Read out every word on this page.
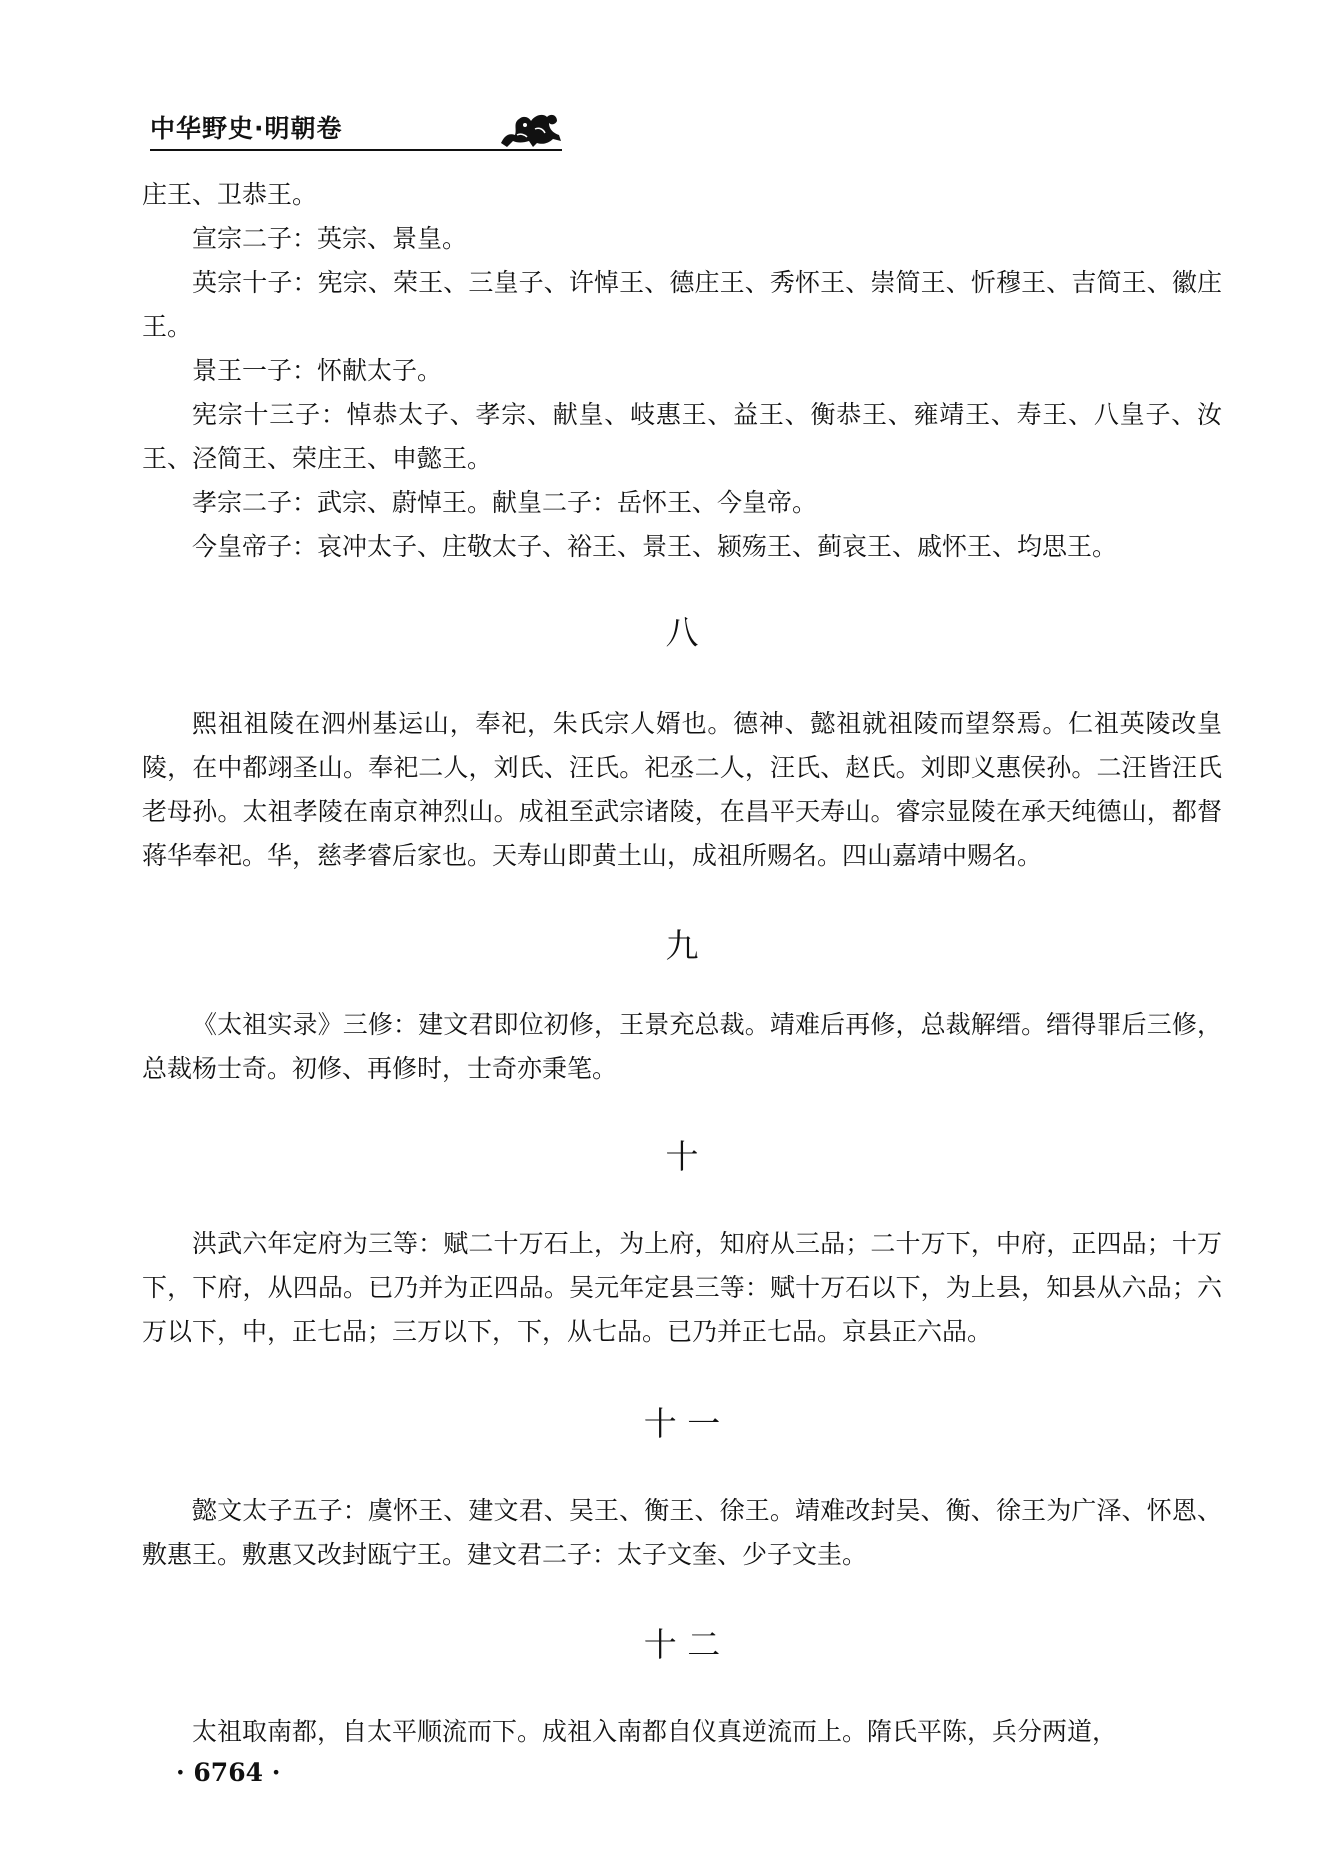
中华野史·明朝卷

庄王、卫恭王。

宣宗二子：英宗、景皇。

英宗十子：宪宗、荣王、三皇子、许悼王、德庄王、秀怀王、崇简王、忻穆王、吉简王、徽庄王。

景王一子：怀献太子。

宪宗十三子：悼恭太子、孝宗、献皇、岐惠王、益王、衡恭王、雍靖王、寿王、八皇子、汝王、泾简王、荣庄王、申懿王。

孝宗二子：武宗、蔚悼王。献皇二子：岳怀王、今皇帝。

今皇帝子：哀冲太子、庄敬太子、裕王、景王、颍殇王、蓟哀王、戚怀王、均思王。

八

熙祖祖陵在泗州基运山，奉祀，朱氏宗人婿也。德神、懿祖就祖陵而望祭焉。仁祖英陵改皇陵，在中都翊圣山。奉祀二人，刘氏、汪氏。祀丞二人，汪氏、赵氏。刘即义惠侯孙。二汪皆汪氏老母孙。太祖孝陵在南京神烈山。成祖至武宗诸陵，在昌平天寿山。睿宗显陵在承天纯德山，都督蒋华奉祀。华，慈孝睿后家也。天寿山即黄土山，成祖所赐名。四山嘉靖中赐名。

九

《太祖实录》三修：建文君即位初修，王景充总裁。靖难后再修，总裁解缙。缙得罪后三修，总裁杨士奇。初修、再修时，士奇亦秉笔。

十

洪武六年定府为三等：赋二十万石上，为上府，知府从三品；二十万下，中府，正四品；十万下，下府，从四品。已乃并为正四品。吴元年定县三等：赋十万石以下，为上县，知县从六品；六万以下，中，正七品；三万以下，下，从七品。已乃并正七品。京县正六品。

十 一

懿文太子五子：虞怀王、建文君、吴王、衡王、徐王。靖难改封吴、衡、徐王为广泽、怀恩、敷惠王。敷惠又改封瓯宁王。建文君二子：太子文奎、少子文圭。

十 二

太祖取南都，自太平顺流而下。成祖入南都自仪真逆流而上。隋氏平陈，兵分两道，

· 6764 ·
